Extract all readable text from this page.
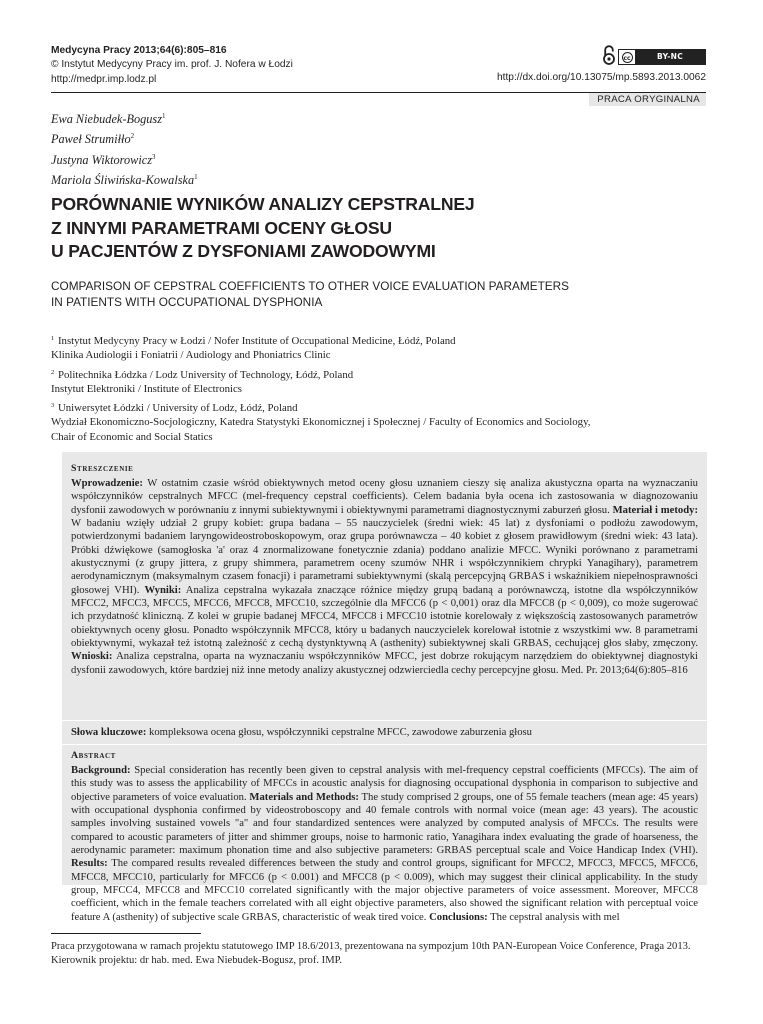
Medycyna Pracy 2013;64(6):805–816
© Instytut Medycyny Pracy im. prof. J. Nofera w Łodzi
http://medpr.imp.lodz.pl
cc	BY-NC
http://dx.doi.org/10.13075/mp.5893.2013.0062
PRACA ORYGINALNA
Ewa Niebudek-Bogusz$^1$
Paweł Strumiłło$^2$
Justyna Wiktorowicz$^3$
Mariola Śliwińska-Kowalska$^1$
PORÓWNANIE WYNIKÓW ANALIZY CEPSTRALNEJ
Z INNYMI PARAMETRAMI OCENY GŁOSU
U PACJENTÓW Z DYSFONIAMI ZAWODOWYMI
COMPARISON OF CEPSTRAL COEFFICIENTS TO OTHER VOICE EVALUATION PARAMETERS
IN PATIENTS WITH OCCUPATIONAL DYSPHONIA
$^1$ Instytut Medycyny Pracy w Łodzi / Nofer Institute of Occupational Medicine, Łódź, Poland
Klinika Audiologii i Foniatrii / Audiology and Phoniatrics Clinic
$^2$ Politechnika Łódzka / Lodz University of Technology, Łódź, Poland
Instytut Elektroniki / Institute of Electronics
$^3$ Uniwersytet Łódzki / University of Lodz, Łódź, Poland
Wydział Ekonomiczno-Socjologiczny, Katedra Statystyki Ekonomicznej i Społecznej / Faculty of Economics and Sociology,
Chair of Economic and Social Statics
Streszczenie
Wprowadzenie: W ostatnim czasie wśród obiektywnych metod oceny głosu uznaniem cieszy się analiza akustyczna oparta na wyznaczaniu współczynników cepstralnych MFCC (mel-frequency cepstral coefficients). Celem badania była ocena ich zastosowania w diagnozowaniu dysfonii zawodowych w porównaniu z innymi subiektywnymi i obiektywnymi parametrami diagnostycznymi zaburzeń głosu. Materiał i metody: W badaniu wzięły udział 2 grupy kobiet: grupa badana – 55 nauczycielek (średni wiek: 45 lat) z dysfoniami o podłożu zawodowym, potwierdzonymi badaniem laryngowideostroboskopowym, oraz grupa porównawcza – 40 kobiet z głosem prawidłowym (średni wiek: 43 lata). Próbki dźwiękowe (samogłoska 'a' oraz 4 znormalizowane fonetycznie zdania) poddano analizie MFCC. Wyniki porównano z parametrami akustycznymi (z grupy jittera, z grupy shimmera, parametrem oceny szumów NHR i współczynnikiem chrypki Yanagihary), parametrem aerodynamicznym (maksymalnym czasem fonacji) i parametrami subiektywnymi (skalą percepcyjną GRBAS i wskaźnikiem niepełnosprawności głosowej VHI). Wyniki: Analiza cepstralna wykazała znaczące różnice między grupą badaną a porównawczą, istotne dla współczynników MFCC2, MFCC3, MFCC5, MFCC6, MFCC8, MFCC10, szczególnie dla MFCC6 (p < 0,001) oraz dla MFCC8 (p < 0,009), co może sugerować ich przydatność kliniczną. Z kolei w grupie badanej MFCC4, MFCC8 i MFCC10 istotnie korelowały z większością zastosowanych parametrów obiektywnych oceny głosu. Ponadto współczynnik MFCC8, który u badanych nauczycielek korelował istotnie z wszystkimi ww. 8 parametrami obiektywnymi, wykazał też istotną zależność z cechą dystynktywną A (asthenity) subiektywnej skali GRBAS, cechującej głos słaby, zmęczony. Wnioski: Analiza cepstralna, oparta na wyznaczaniu współczynników MFCC, jest dobrze rokującym narzędziem do obiektywnej diagnostyki dysfonii zawodowych, które bardziej niż inne metody analizy akustycznej odzwierciedla cechy percepcyjne głosu. Med. Pr. 2013;64(6):805–816
Słowa kluczowe: kompleksowa ocena głosu, współczynniki cepstralne MFCC, zawodowe zaburzenia głosu
Abstract
Background: Special consideration has recently been given to cepstral analysis with mel-frequency cepstral coefficients (MFCCs). The aim of this study was to assess the applicability of MFCCs in acoustic analysis for diagnosing occupational dysphonia in comparison to subjective and objective parameters of voice evaluation. Materials and Methods: The study comprised 2 groups, one of 55 female teachers (mean age: 45 years) with occupational dysphonia confirmed by videostroboscopy and 40 female controls with normal voice (mean age: 43 years). The acoustic samples involving sustained vowels "a" and four standardized sentences were analyzed by computed analysis of MFCCs. The results were compared to acoustic parameters of jitter and shimmer groups, noise to harmonic ratio, Yanagihara index evaluating the grade of hoarseness, the aerodynamic parameter: maximum phonation time and also subjective parameters: GRBAS perceptual scale and Voice Handicap Index (VHI). Results: The compared results revealed differences between the study and control groups, significant for MFCC2, MFCC3, MFCC5, MFCC6, MFCC8, MFCC10, particularly for MFCC6 (p < 0.001) and MFCC8 (p < 0.009), which may suggest their clinical applicability. In the study group, MFCC4, MFCC8 and MFCC10 correlated significantly with the major objective parameters of voice assessment. Moreover, MFCC8 coefficient, which in the female teachers correlated with all eight objective parameters, also showed the significant relation with perceptual voice feature A (asthenity) of subjective scale GRBAS, characteristic of weak tired voice. Conclusions: The cepstral analysis with mel
Praca przygotowana w ramach projektu statutowego IMP 18.6/2013, prezentowana na sympozjum 10th PAN-European Voice Conference, Praga 2013. Kierownik projektu: dr hab. med. Ewa Niebudek-Bogusz, prof. IMP.
